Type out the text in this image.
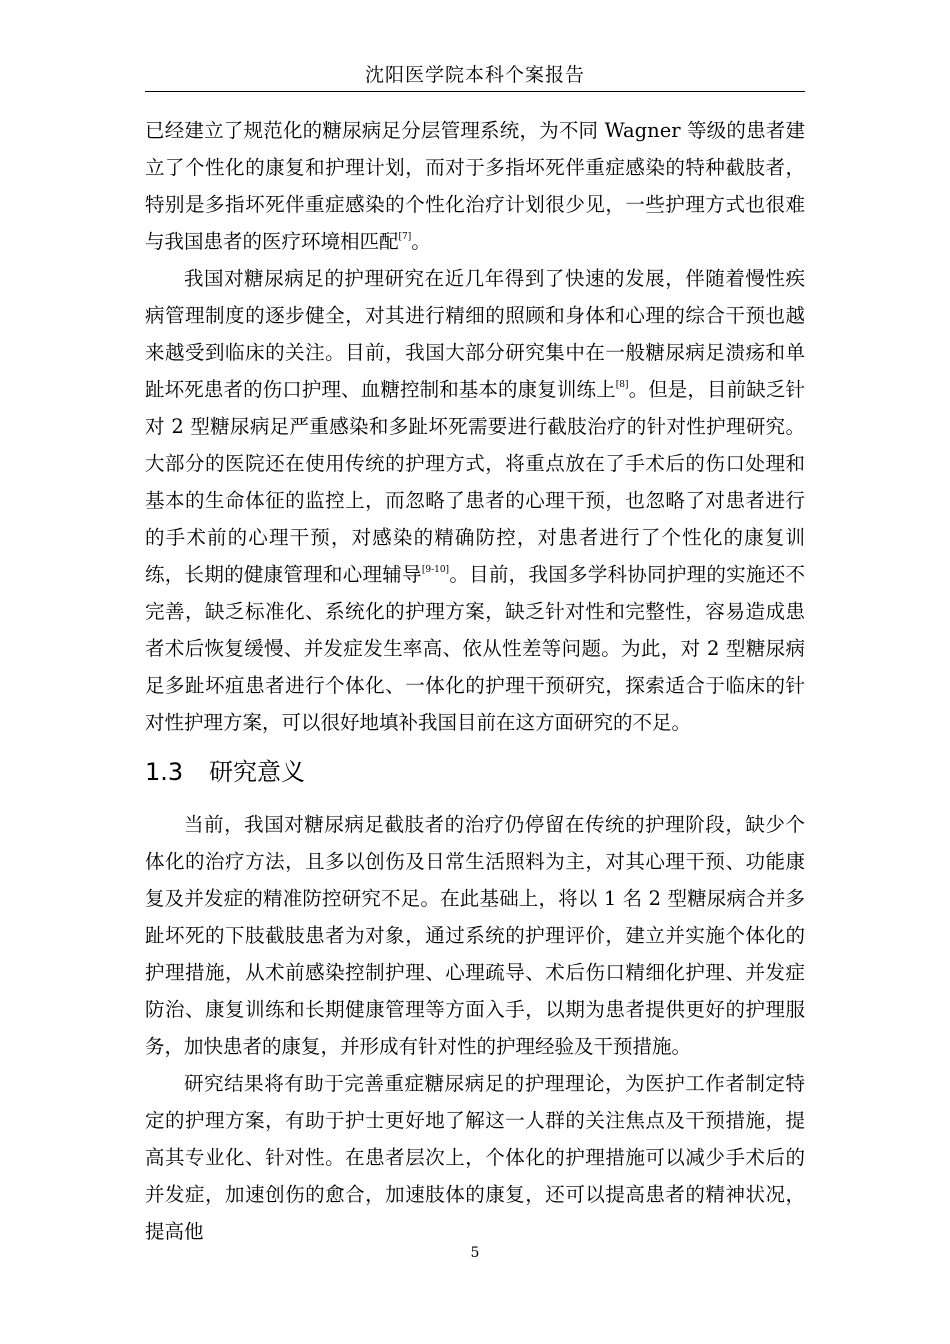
沈阳医学院本科个案报告

已经建立了规范化的糖尿病足分层管理系统，为不同 Wagner 等级的患者建立了个性化的康复和护理计划，而对于多指坏死伴重症感染的特种截肢者，特别是多指坏死伴重症感染的个性化治疗计划很少见，一些护理方式也很难与我国患者的医疗环境相匹配[7]。

我国对糖尿病足的护理研究在近几年得到了快速的发展，伴随着慢性疾病管理制度的逐步健全，对其进行精细的照顾和身体和心理的综合干预也越来越受到临床的关注。目前，我国大部分研究集中在一般糖尿病足溃疡和单趾坏死患者的伤口护理、血糖控制和基本的康复训练上[8]。但是，目前缺乏针对 2 型糖尿病足严重感染和多趾坏死需要进行截肢治疗的针对性护理研究。大部分的医院还在使用传统的护理方式，将重点放在了手术后的伤口处理和基本的生命体征的监控上，而忽略了患者的心理干预，也忽略了对患者进行的手术前的心理干预，对感染的精确防控，对患者进行了个性化的康复训练，长期的健康管理和心理辅导[9-10]。目前，我国多学科协同护理的实施还不完善，缺乏标准化、系统化的护理方案，缺乏针对性和完整性，容易造成患者术后恢复缓慢、并发症发生率高、依从性差等问题。为此，对 2 型糖尿病足多趾坏疽患者进行个体化、一体化的护理干预研究，探索适合于临床的针对性护理方案，可以很好地填补我国目前在这方面研究的不足。

1.3 研究意义

当前，我国对糖尿病足截肢者的治疗仍停留在传统的护理阶段，缺少个体化的治疗方法，且多以创伤及日常生活照料为主，对其心理干预、功能康复及并发症的精准防控研究不足。在此基础上，将以 1 名 2 型糖尿病合并多趾坏死的下肢截肢患者为对象，通过系统的护理评价，建立并实施个体化的护理措施，从术前感染控制护理、心理疏导、术后伤口精细化护理、并发症防治、康复训练和长期健康管理等方面入手，以期为患者提供更好的护理服务，加快患者的康复，并形成有针对性的护理经验及干预措施。

研究结果将有助于完善重症糖尿病足的护理理论，为医护工作者制定特定的护理方案，有助于护士更好地了解这一人群的关注焦点及干预措施，提高其专业化、针对性。在患者层次上，个体化的护理措施可以减少手术后的并发症，加速创伤的愈合，加速肢体的康复，还可以提高患者的精神状况，提高他

5
